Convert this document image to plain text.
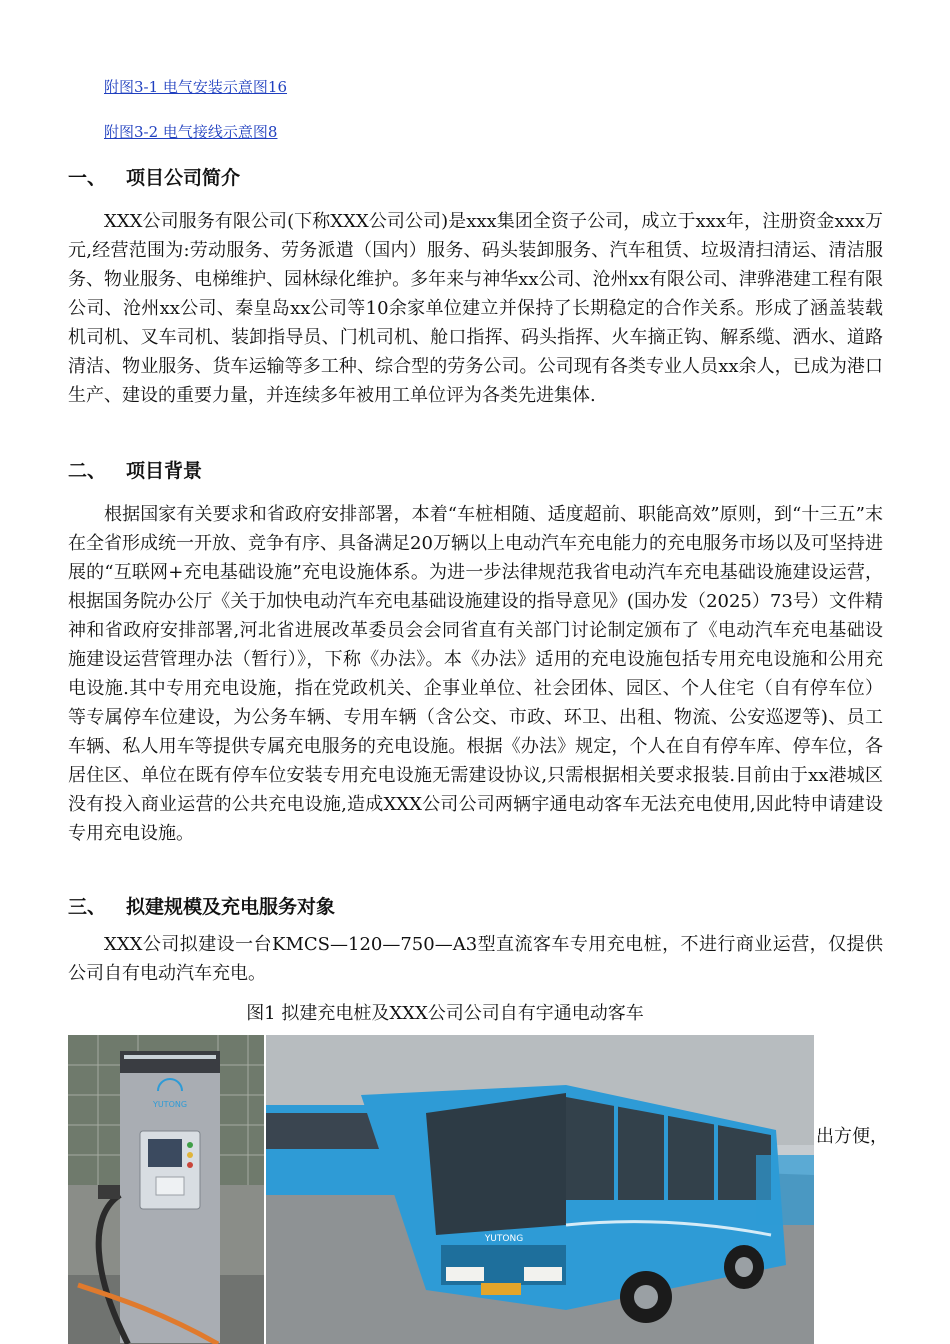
附图3-1 电气安装示意图16
附图3-2 电气接线示意图8
一、 项目公司简介

XXX公司服务有限公司(下称XXX公司公司)是xxx集团全资子公司，成立于xxx年，注册资金xxx万元,经营范围为:劳动服务、劳务派遣（国内）服务、码头装卸服务、汽车租赁、垃圾清扫清运、清洁服务、物业服务、电梯维护、园林绿化维护。多年来与神华xx公司、沧州xx有限公司、津骅港建工程有限公司、沧州xx公司、秦皇岛xx公司等10余家单位建立并保持了长期稳定的合作关系。形成了涵盖装载机司机、叉车司机、装卸指导员、门机司机、舱口指挥、码头指挥、火车摘正钩、解系缆、洒水、道路清洁、物业服务、货车运输等多工种、综合型的劳务公司。公司现有各类专业人员xx余人，已成为港口生产、建设的重要力量，并连续多年被用工单位评为各类先进集体.

二、 项目背景

根据国家有关要求和省政府安排部署，本着“车桩相随、适度超前、职能高效”原则，到“十三五”末在全省形成统一开放、竞争有序、具备满足20万辆以上电动汽车充电能力的充电服务市场以及可坚持进展的“互联网+充电基础设施”充电设施体系。为进一步法律规范我省电动汽车充电基础设施建设运营，根据国务院办公厅《关于加快电动汽车充电基础设施建设的指导意见》(国办发（2025）73号）文件精神和省政府安排部署,河北省进展改革委员会会同省直有关部门讨论制定颁布了《电动汽车充电基础设施建设运营管理办法（暂行）》，下称《办法》。本《办法》适用的充电设施包括专用充电设施和公用充电设施.其中专用充电设施，指在党政机关、企事业单位、社会团体、园区、个人住宅（自有停车位）等专属停车位建设，为公务车辆、专用车辆（含公交、市政、环卫、出租、物流、公安巡逻等)、员工车辆、私人用车等提供专属充电服务的充电设施。根据《办法》规定，个人在自有停车库、停车位，各居住区、单位在既有停车位安装专用充电设施无需建设协议,只需根据相关要求报装.目前由于xx港城区没有投入商业运营的公共充电设施,造成XXX公司公司两辆宇通电动客车无法充电使用,因此特申请建设专用充电设施。

三、 拟建规模及充电服务对象

XXX公司拟建设一台KMCS—120—750—A3型直流客车专用充电桩，不进行商业运营，仅提供公司自有电动汽车充电。

图1 拟建充电桩及XXX公司公司自有宇通电动客车
YUTONG
YUTONG
出方便，
